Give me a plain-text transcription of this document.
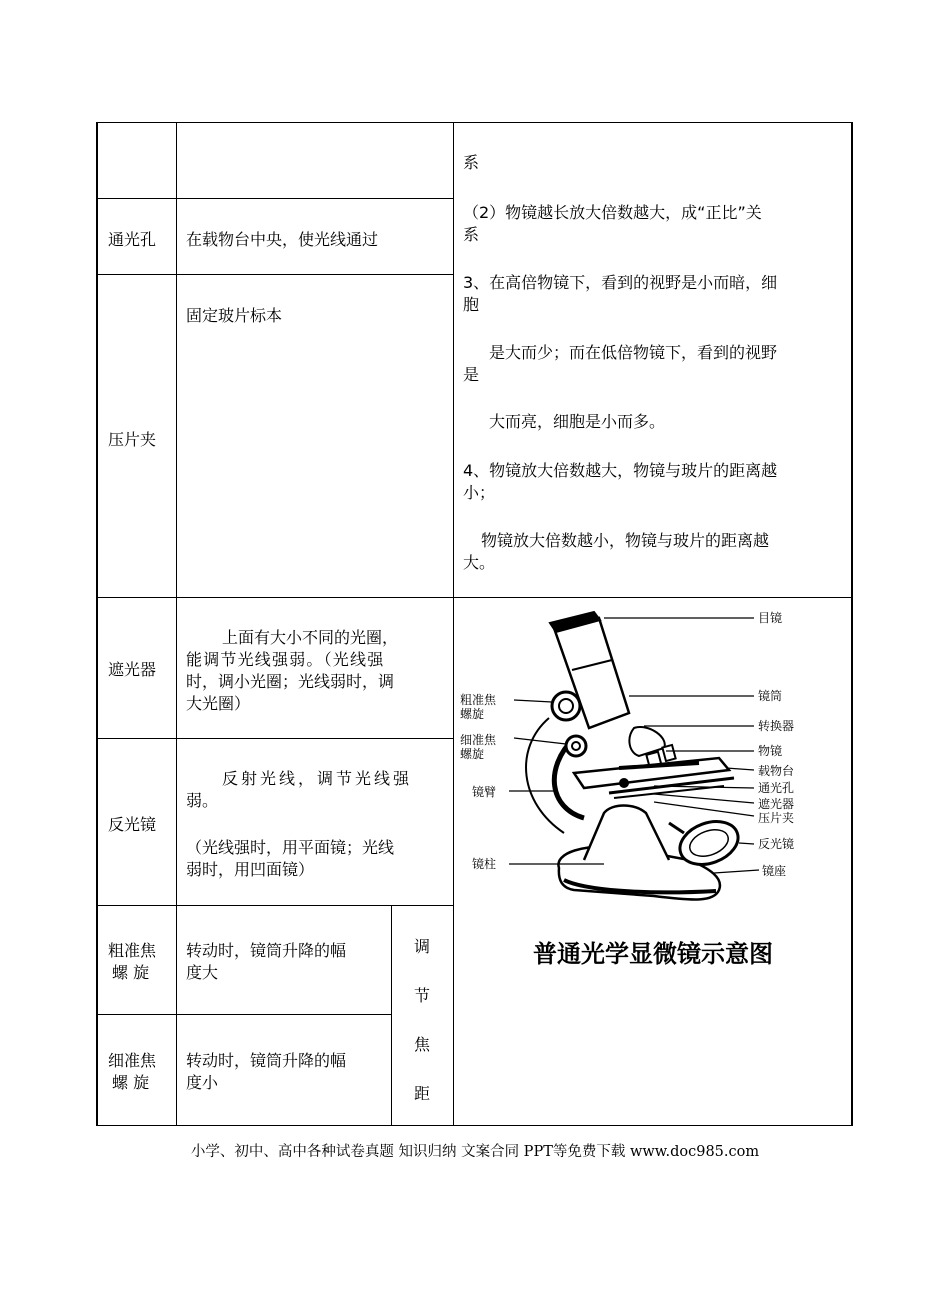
通光孔 在载物台中央，使光线通过
压片夹
固定玻片标本
遮光器
上面有大小不同的光圈，
能调节光线强弱。（光线强
时，调小光圈；光线弱时，调
大光圈）
反光镜
反射光线，调节光线强
弱。
（光线强时，用平面镜；光线
弱时，用凹面镜）
粗准焦
螺 旋
转动时，镜筒升降的幅
度大
细准焦
螺 旋
转动时，镜筒升降的幅
度小
调
节
焦
距

系

（2）物镜越长放大倍数越大，成“正比”关

系

3、在高倍物镜下，看到的视野是小而暗，细

胞

是大而少；而在低倍物镜下，看到的视野

是

大而亮，细胞是小而多。

4、物镜放大倍数越大，物镜与玻片的距离越

小；

物镜放大倍数越小，物镜与玻片的距离越

大。

目镜
镜筒
转换器
物镜
载物台
通光孔
遮光器
压片夹
反光镜
镜座
粗准焦
螺旋
细准焦
螺旋
镜臂
镜柱
普通光学显微镜示意图
小学、初中、高中各种试卷真题 知识归纳 文案合同 PPT等免费下载 www.doc985.com
